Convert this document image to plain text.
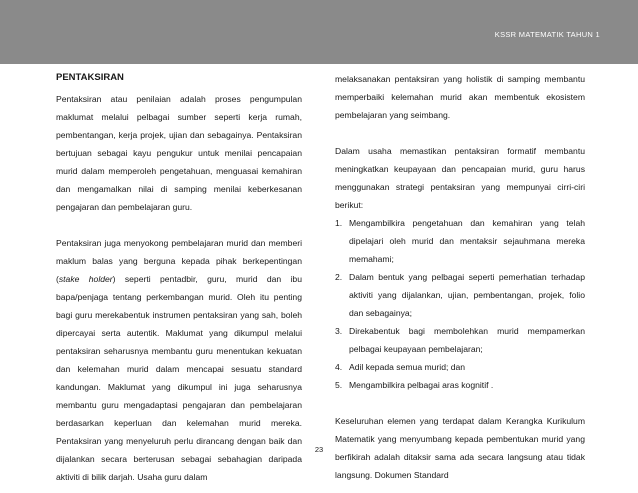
KSSR MATEMATIK TAHUN 1
PENTAKSIRAN

Pentaksiran atau penilaian adalah proses pengumpulan maklumat melalui pelbagai sumber seperti kerja rumah, pembentangan, kerja projek, ujian dan sebagainya. Pentaksiran bertujuan sebagai kayu pengukur untuk menilai pencapaian murid dalam memperoleh pengetahuan, menguasai kemahiran dan mengamalkan nilai di samping menilai keberkesanan pengajaran dan pembelajaran guru.

Pentaksiran juga menyokong pembelajaran murid dan memberi maklum balas yang berguna kepada pihak berkepentingan (stake holder) seperti pentadbir, guru, murid dan ibu bapa/penjaga tentang perkembangan murid. Oleh itu penting bagi guru merekabentuk instrumen pentaksiran yang sah, boleh dipercayai serta autentik. Maklumat yang dikumpul melalui pentaksiran seharusnya membantu guru menentukan kekuatan dan kelemahan murid dalam mencapai sesuatu standard kandungan. Maklumat yang dikumpul ini juga seharusnya membantu guru mengadaptasi pengajaran dan pembelajaran berdasarkan keperluan dan kelemahan murid mereka. Pentaksiran yang menyeluruh perlu dirancang dengan baik dan dijalankan secara berterusan sebagai sebahagian daripada aktiviti di bilik darjah. Usaha guru dalam

melaksanakan pentaksiran yang holistik di samping membantu memperbaiki kelemahan murid akan membentuk ekosistem pembelajaran yang seimbang.

Dalam usaha memastikan pentaksiran formatif membantu meningkatkan keupayaan dan pencapaian murid, guru harus menggunakan strategi pentaksiran yang mempunyai cirri-ciri berikut:

1. Mengambilkira pengetahuan dan kemahiran yang telah dipelajari oleh murid dan mentaksir sejauhmana mereka memahami;
2. Dalam bentuk yang pelbagai seperti pemerhatian terhadap aktiviti yang dijalankan, ujian, pembentangan, projek, folio dan sebagainya;
3. Direkabentuk bagi membolehkan murid mempamerkan pelbagai keupayaan pembelajaran;
4. Adil kepada semua murid; dan
5. Mengambilkira pelbagai aras kognitif .

Keseluruhan elemen yang terdapat dalam Kerangka Kurikulum Matematik yang menyumbang kepada pembentukan murid yang berfikirah adalah ditaksir sama ada secara langsung atau tidak langsung. Dokumen Standard

23
